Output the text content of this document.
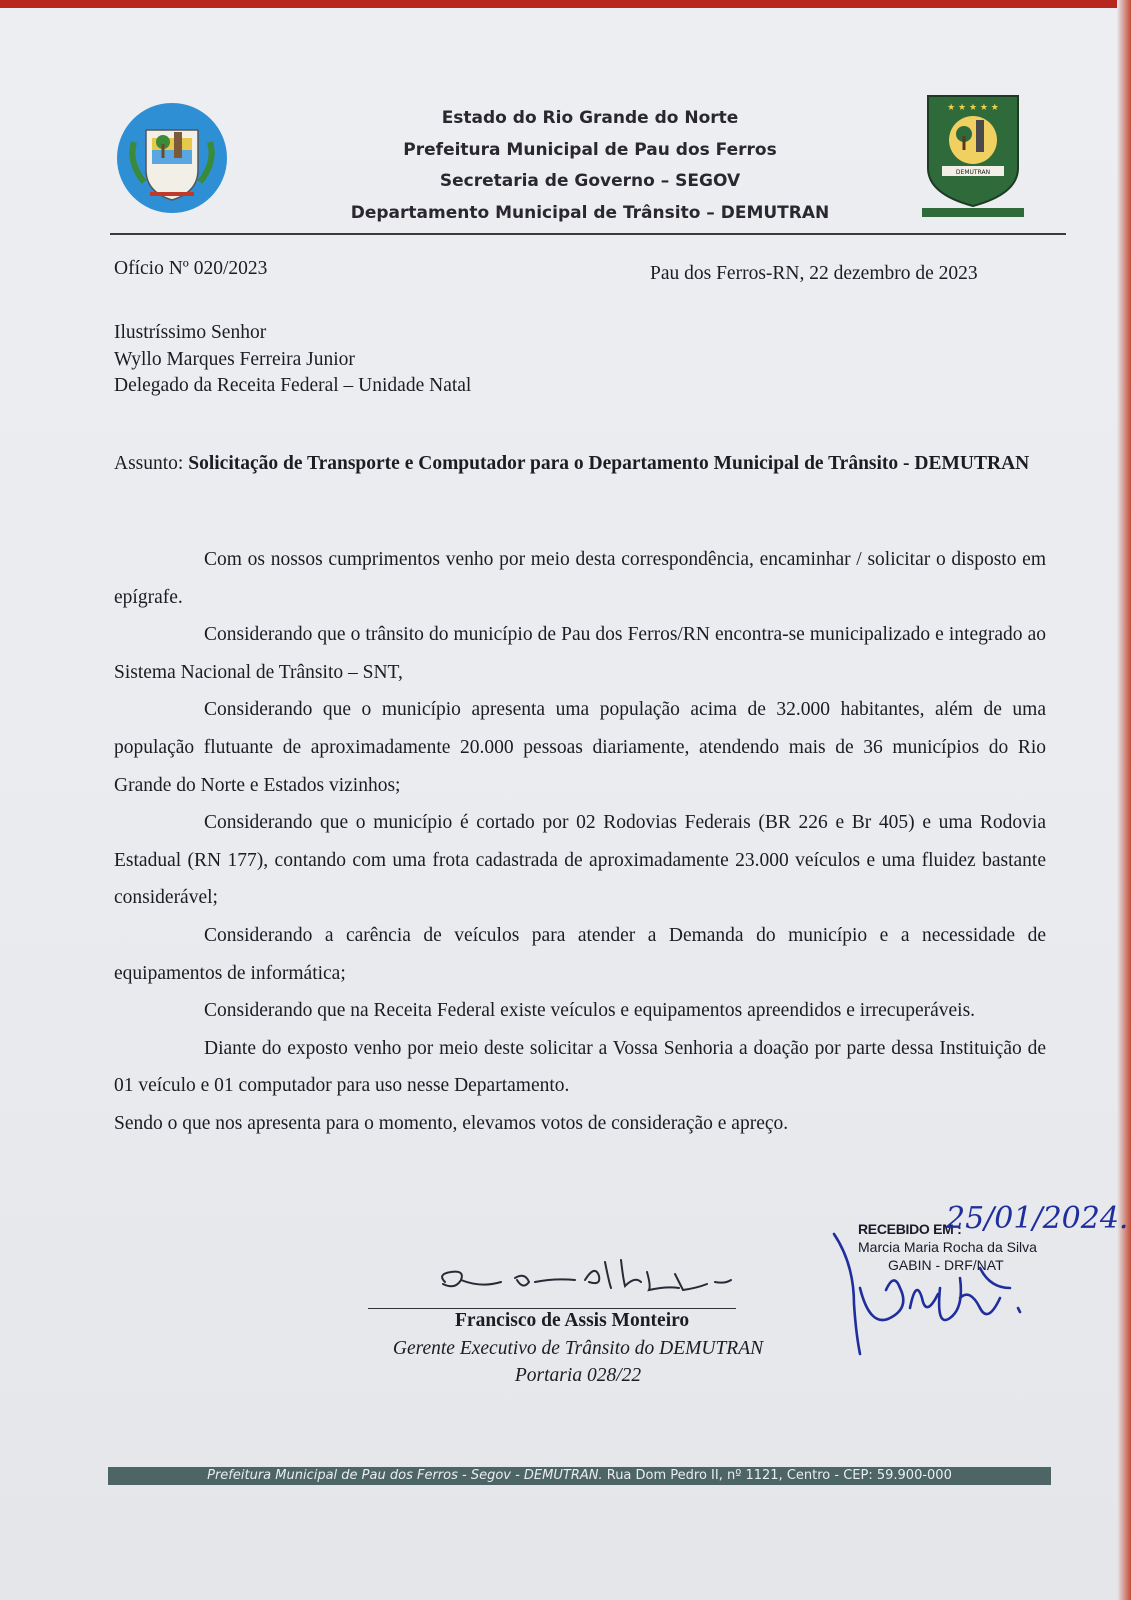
★ ★ ★ ★ ★
DEMUTRAN
Estado do Rio Grande do Norte
Prefeitura Municipal de Pau dos Ferros
Secretaria de Governo – SEGOV
Departamento Municipal de Trânsito – DEMUTRAN
Ofício Nº 020/2023	Pau dos Ferros-RN, 22 dezembro de 2023
Ilustríssimo Senhor
Wyllo Marques Ferreira Junior
Delegado da Receita Federal – Unidade Natal
Assunto: Solicitação de Transporte e Computador para o Departamento Municipal de Trânsito - DEMUTRAN

Com os nossos cumprimentos venho por meio desta correspondência, encaminhar / solicitar o disposto em epígrafe.

Considerando que o trânsito do município de Pau dos Ferros/RN encontra-se municipalizado e integrado ao Sistema Nacional de Trânsito – SNT,

Considerando que o município apresenta uma população acima de 32.000 habitantes, além de uma população flutuante de aproximadamente 20.000 pessoas diariamente, atendendo mais de 36 municípios do Rio Grande do Norte e Estados vizinhos;

Considerando que o município é cortado por 02 Rodovias Federais (BR 226 e Br 405) e uma Rodovia Estadual (RN 177), contando com uma frota cadastrada de aproximadamente 23.000 veículos e uma fluidez bastante considerável;

Considerando a carência de veículos para atender a Demanda do município e a necessidade de equipamentos de informática;

Considerando que na Receita Federal existe veículos e equipamentos apreendidos e irrecuperáveis.

Diante do exposto venho por meio deste solicitar a Vossa Senhoria a doação por parte dessa Instituição de 01 veículo e 01 computador para uso nesse Departamento.

Sendo o que nos apresenta para o momento, elevamos votos de consideração e apreço.

Francisco de Assis Monteiro
Gerente Executivo de Trânsito do DEMUTRAN
Portaria 028/22
RECEBIDO EM :
25/01/2024.
Marcia Maria Rocha da Silva
GABIN - DRF/NAT
Prefeitura Municipal de Pau dos Ferros - Segov - DEMUTRAN. Rua Dom Pedro II, nº 1121, Centro - CEP: 59.900-000
